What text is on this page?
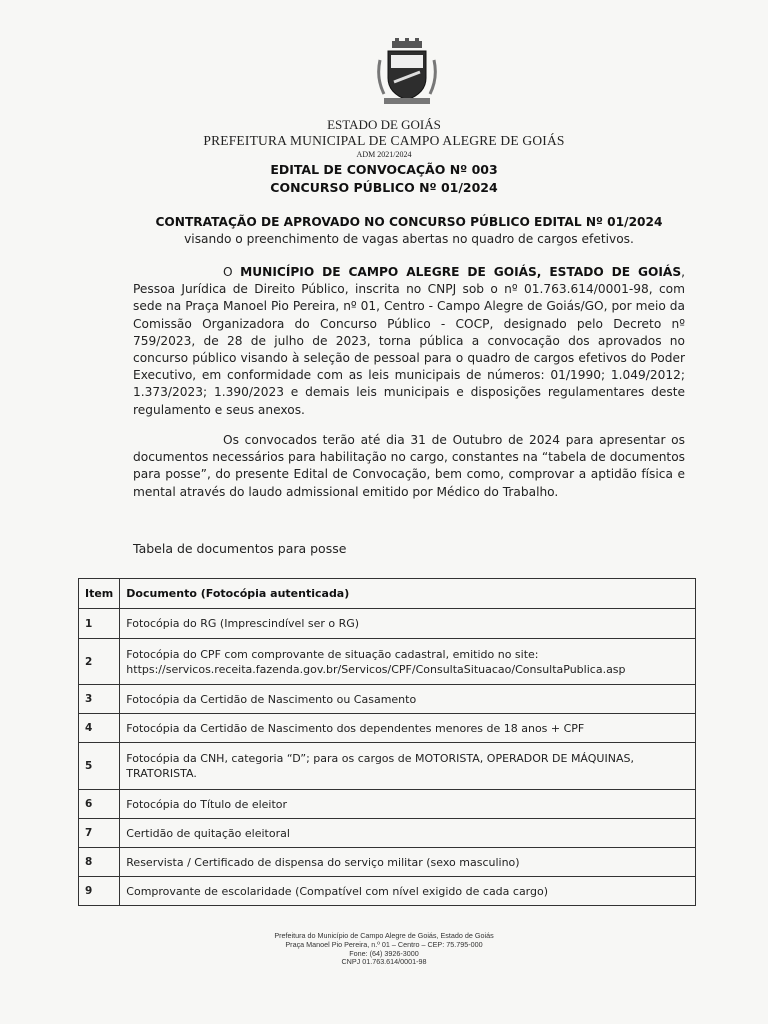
ESTADO DE GOIÁS
PREFEITURA MUNICIPAL DE CAMPO ALEGRE DE GOIÁS
ADM 2021/2024
EDITAL DE CONVOCAÇÃO Nº 003
CONCURSO PÚBLICO Nº 01/2024
CONTRATAÇÃO DE APROVADO NO CONCURSO PÚBLICO EDITAL Nº 01/2024 visando o preenchimento de vagas abertas no quadro de cargos efetivos.
O MUNICÍPIO DE CAMPO ALEGRE DE GOIÁS, ESTADO DE GOIÁS, Pessoa Jurídica de Direito Público, inscrita no CNPJ sob o nº 01.763.614/0001-98, com sede na Praça Manoel Pio Pereira, nº 01, Centro - Campo Alegre de Goiás/GO, por meio da Comissão Organizadora do Concurso Público - COCP, designado pelo Decreto nº 759/2023, de 28 de julho de 2023, torna pública a convocação dos aprovados no concurso público visando à seleção de pessoal para o quadro de cargos efetivos do Poder Executivo, em conformidade com as leis municipais de números: 01/1990; 1.049/2012; 1.373/2023; 1.390/2023 e demais leis municipais e disposições regulamentares deste regulamento e seus anexos.
Os convocados terão até dia 31 de Outubro de 2024 para apresentar os documentos necessários para habilitação no cargo, constantes na “tabela de documentos para posse”, do presente Edital de Convocação, bem como, comprovar a aptidão física e mental através do laudo admissional emitido por Médico do Trabalho.
Tabela de documentos para posse
Item	Documento (Fotocópia autenticada)
1	Fotocópia do RG (Imprescindível ser o RG)
2	Fotocópia do CPF com comprovante de situação cadastral, emitido no site: https://servicos.receita.fazenda.gov.br/Servicos/CPF/ConsultaSituacao/ConsultaPublica.asp
3	Fotocópia da Certidão de Nascimento ou Casamento
4	Fotocópia da Certidão de Nascimento dos dependentes menores de 18 anos + CPF
5	Fotocópia da CNH, categoria “D”; para os cargos de MOTORISTA, OPERADOR DE MÁQUINAS, TRATORISTA.
6	Fotocópia do Título de eleitor
7	Certidão de quitação eleitoral
8	Reservista / Certificado de dispensa do serviço militar (sexo masculino)
9	Comprovante de escolaridade (Compatível com nível exigido de cada cargo)
Prefeitura do Município de Campo Alegre de Goiás, Estado de Goiás
Praça Manoel Pio Pereira, n.º 01 – Centro – CEP: 75.795-000
Fone: (64) 3926-3000
CNPJ 01.763.614/0001-98
